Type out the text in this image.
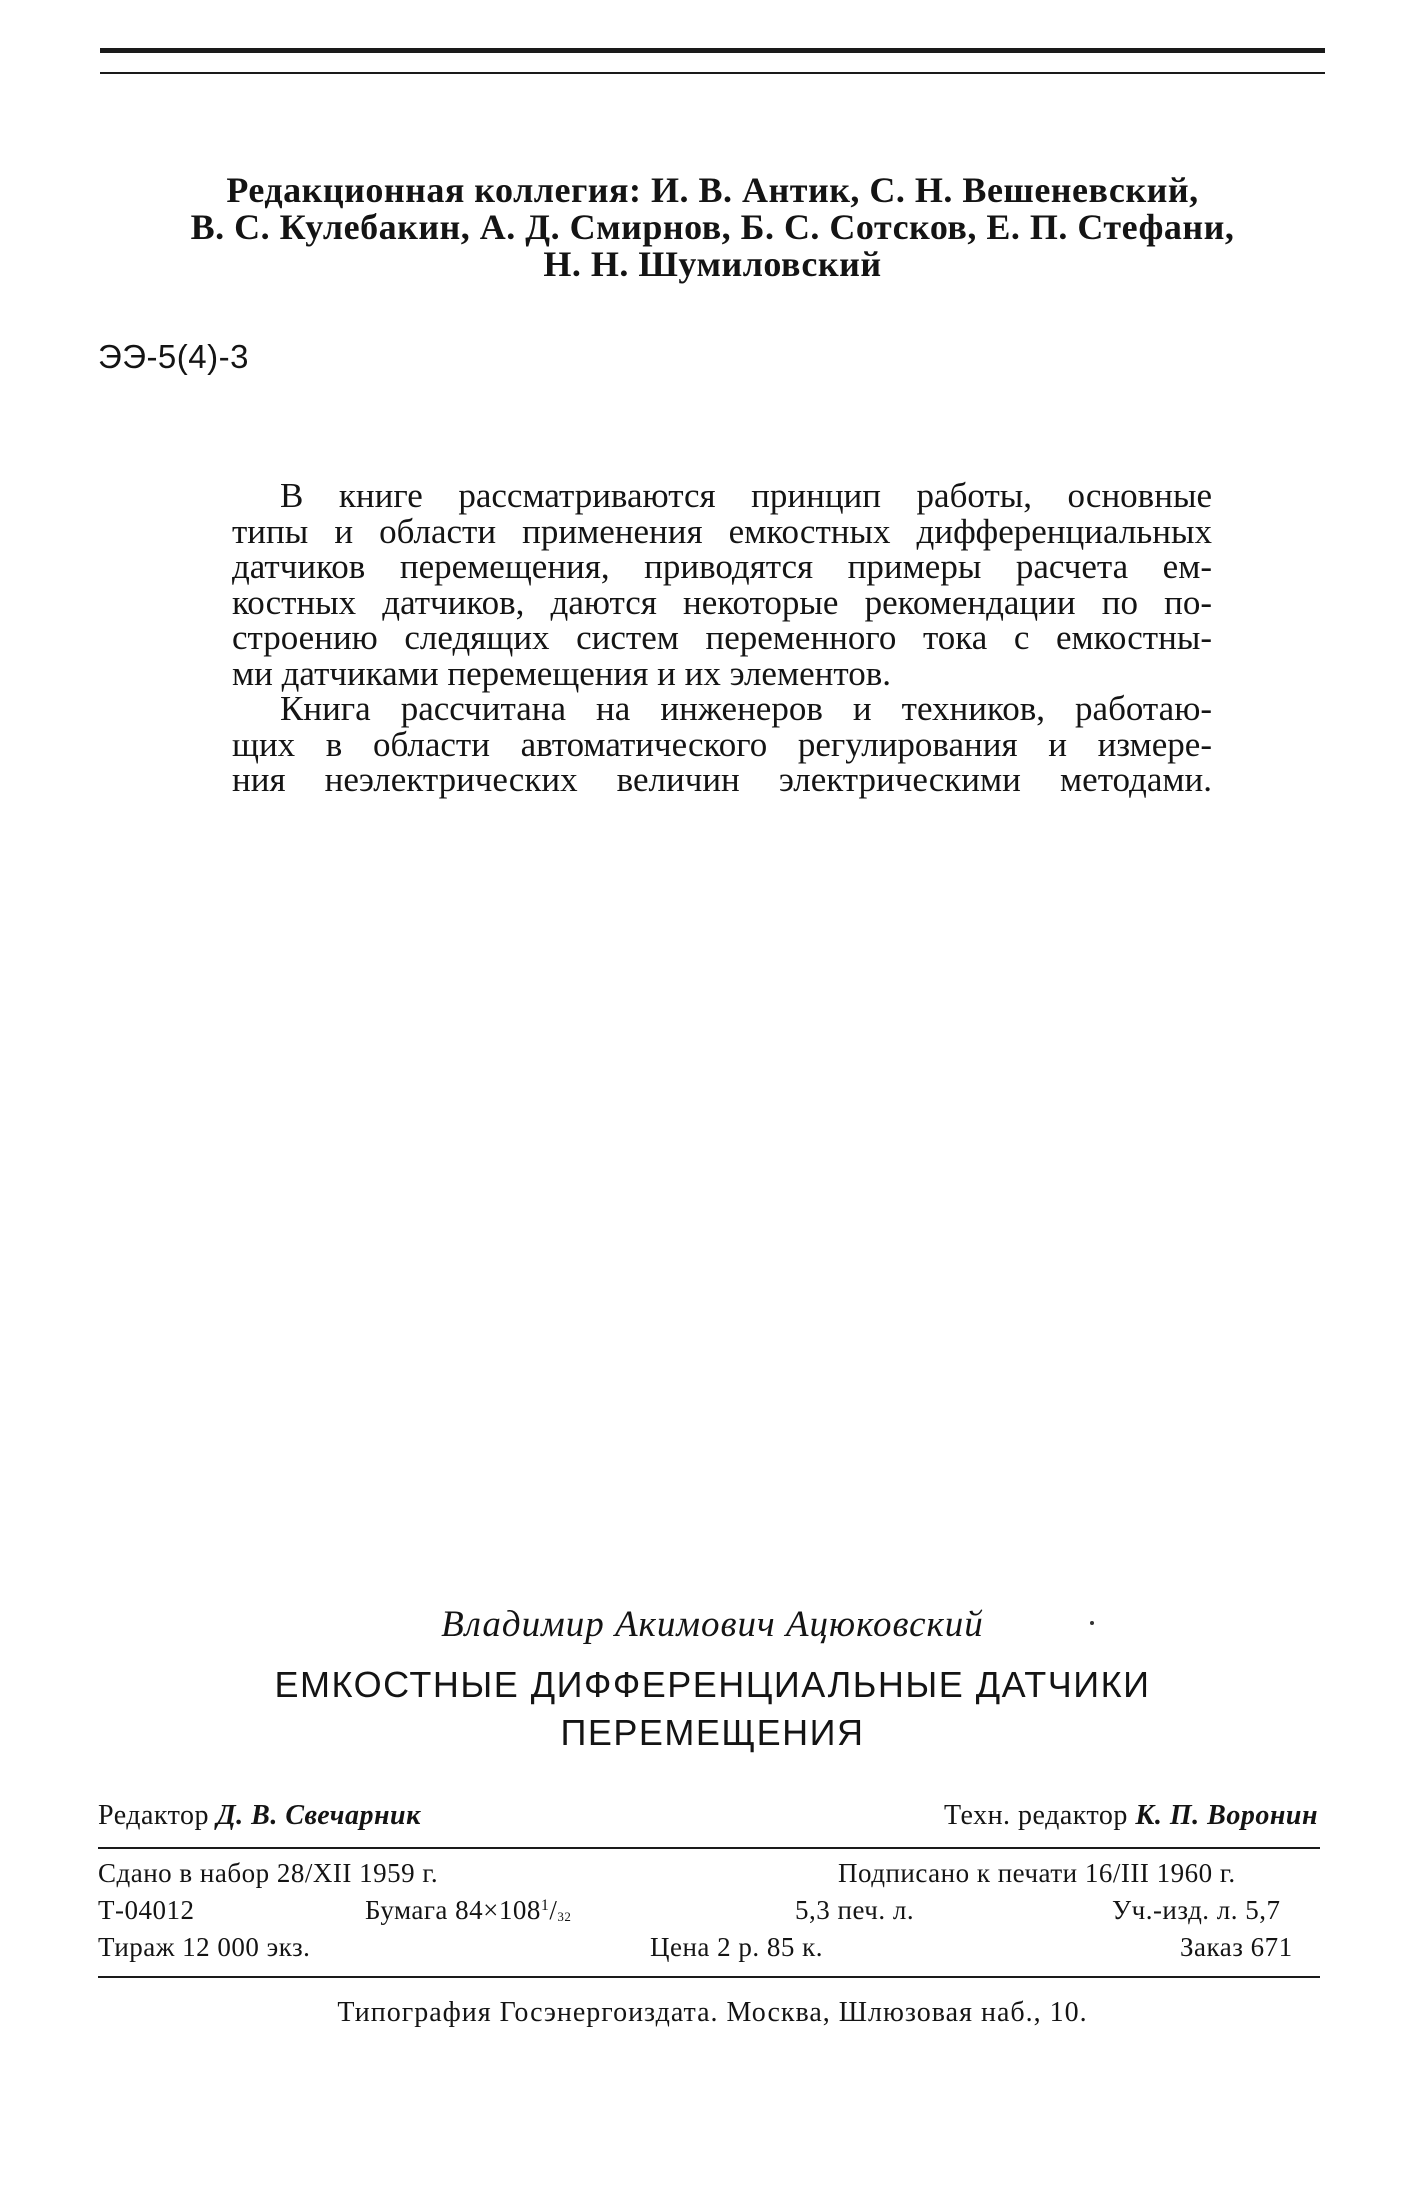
Редакционная коллегия: И. В. Антик, С. Н. Вешеневский,
В. С. Кулебакин, А. Д. Смирнов, Б. С. Сотсков, Е. П. Стефани,
Н. Н. Шумиловский
ЭЭ-5(4)-3
В книге рассматриваются принцип работы, основные
типы и области применения емкостных дифференциальных
датчиков перемещения, приводятся примеры расчета ем-
костных датчиков, даются некоторые рекомендации по по-
строению следящих систем переменного тока с емкостны-
ми датчиками перемещения и их элементов.
Книга рассчитана на инженеров и техников, работаю-
щих в области автоматического регулирования и измере-
ния неэлектрических величин электрическими методами.
Владимир Акимович Ацюковский
ЕМКОСТНЫЕ ДИФФЕРЕНЦИАЛЬНЫЕ ДАТЧИКИ
ПЕРЕМЕЩЕНИЯ
Редактор Д. В. Свечарник	Техн. редактор К. П. Воронин
Сдано в набор 28/XII 1959 г.	Подписано к печати 16/III 1960 г.
Т-04012	Бумага $84\times 108^1/_{32}$	5,3 печ. л.	Уч.-изд. л. 5,7
Тираж 12 000 экз.	Цена 2 р. 85 к.	Заказ 671
Типография Госэнергоиздата. Москва, Шлюзовая наб., 10.
